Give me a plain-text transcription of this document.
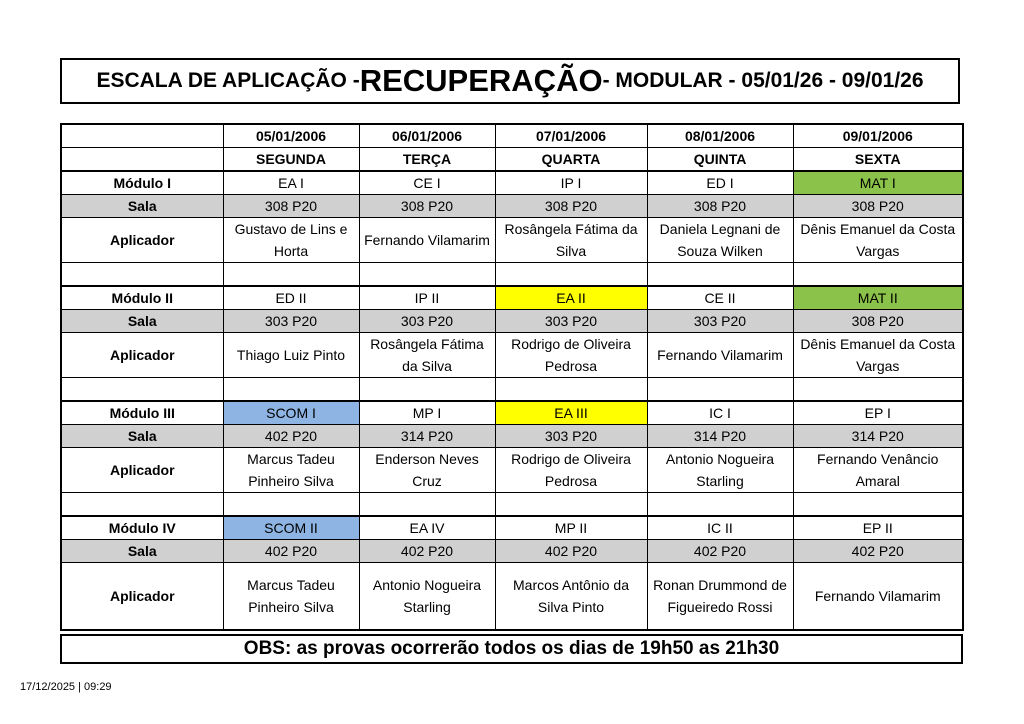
ESCALA DE APLICAÇÃO - RECUPERAÇÃO - MODULAR - 05/01/26 - 09/01/26
	05/01/2006	06/01/2006	07/01/2006	08/01/2006	09/01/2006
	SEGUNDA	TERÇA	QUARTA	QUINTA	SEXTA
Módulo I	EA I	CE I	IP I	ED I	MAT I
Sala	308 P20	308 P20	308 P20	308 P20	308 P20
Aplicador	Gustavo de Lins e Horta	Fernando Vilamarim	Rosângela Fátima da Silva	Daniela Legnani de Souza Wilken	Dênis Emanuel da Costa Vargas

Módulo II	ED II	IP II	EA II	CE II	MAT II
Sala	303 P20	303 P20	303 P20	303 P20	308 P20
Aplicador	Thiago Luiz Pinto	Rosângela Fátima da Silva	Rodrigo de Oliveira Pedrosa	Fernando Vilamarim	Dênis Emanuel da Costa Vargas

Módulo III	SCOM I	MP I	EA III	IC I	EP I
Sala	402 P20	314 P20	303 P20	314 P20	314 P20
Aplicador	Marcus Tadeu Pinheiro Silva	Enderson Neves Cruz	Rodrigo de Oliveira Pedrosa	Antonio Nogueira Starling	Fernando Venâncio Amaral

Módulo IV	SCOM II	EA IV	MP II	IC II	EP II
Sala	402 P20	402 P20	402 P20	402 P20	402 P20
Aplicador	Marcus Tadeu Pinheiro Silva	Antonio Nogueira Starling	Marcos Antônio da Silva Pinto	Ronan Drummond de Figueiredo Rossi	Fernando Vilamarim
OBS: as provas ocorrerão todos os dias de 19h50 as 21h30
17/12/2025 | 09:29
